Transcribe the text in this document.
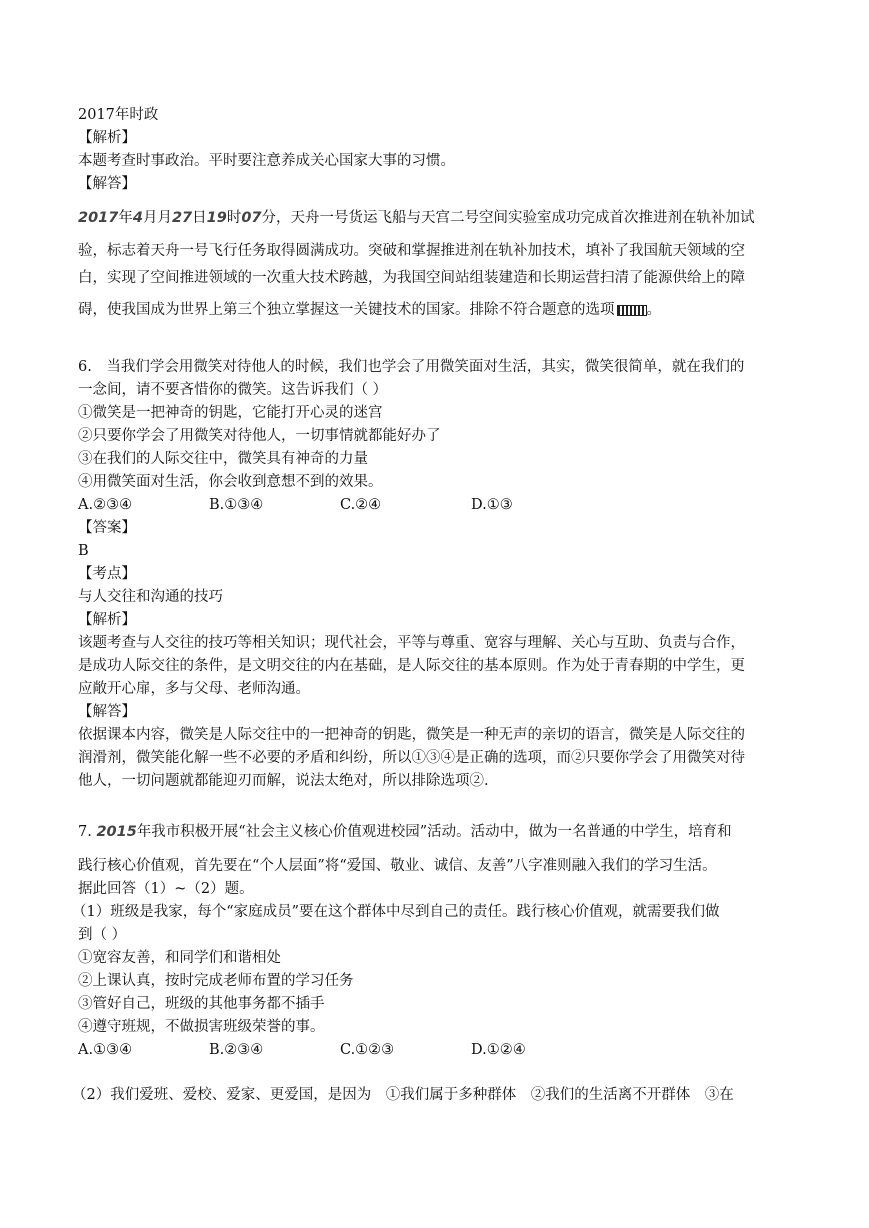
2017年时政
【解析】
本题考查时事政治。平时要注意养成关心国家大事的习惯。
【解答】
2017年4月月27日19时07分，天舟一号货运飞船与天宫二号空间实验室成功完成首次推进剂在轨补加试
验，标志着天舟一号飞行任务取得圆满成功。突破和掌握推进剂在轨补加技术，填补了我国航天领域的空
白，实现了空间推进领域的一次重大技术跨越，为我国空间站组装建造和长期运营扫清了能源供给上的障
碍，使我国成为世界上第三个独立掌握这一关键技术的国家。排除不符合题意的选项 。
6.　当我们学会用微笑对待他人的时候，我们也学会了用微笑面对生活，其实，微笑很简单，就在我们的
一念间，请不要吝惜你的微笑。这告诉我们（ ）
①微笑是一把神奇的钥匙，它能打开心灵的迷宫
②只要你学会了用微笑对待他人，一切事情就都能好办了
③在我们的人际交往中，微笑具有神奇的力量
④用微笑面对生活，你会收到意想不到的效果。
A.②③④	B.①③④	C.②④	D.①③
【答案】
B
【考点】
与人交往和沟通的技巧
【解析】
该题考查与人交往的技巧等相关知识；现代社会，平等与尊重、宽容与理解、关心与互助、负责与合作，
是成功人际交往的条件，是文明交往的内在基础，是人际交往的基本原则。作为处于青春期的中学生，更
应敞开心扉，多与父母、老师沟通。
【解答】
依据课本内容，微笑是人际交往中的一把神奇的钥匙，微笑是一种无声的亲切的语言，微笑是人际交往的
润滑剂，微笑能化解一些不必要的矛盾和纠纷，所以①③④是正确的选项，而②只要你学会了用微笑对待
他人，一切问题就都能迎刃而解，说法太绝对，所以排除选项②.
7. 2015年我市积极开展“社会主义核心价值观进校园”活动。活动中，做为一名普通的中学生，培育和
践行核心价值观，首先要在“个人层面”将“爱国、敬业、诚信、友善”八字准则融入我们的学习生活。
据此回答（1）~（2）题。
（1）班级是我家，每个“家庭成员”要在这个群体中尽到自己的责任。践行核心价值观，就需要我们做
到（ ）
①宽容友善，和同学们和谐相处
②上课认真，按时完成老师布置的学习任务
③管好自己，班级的其他事务都不插手
④遵守班规，不做损害班级荣誉的事。
A.①③④	B.②③④	C.①②③	D.①②④
（2）我们爱班、爱校、爱家、更爱国，是因为　①我们属于多种群体　②我们的生活离不开群体　③在
